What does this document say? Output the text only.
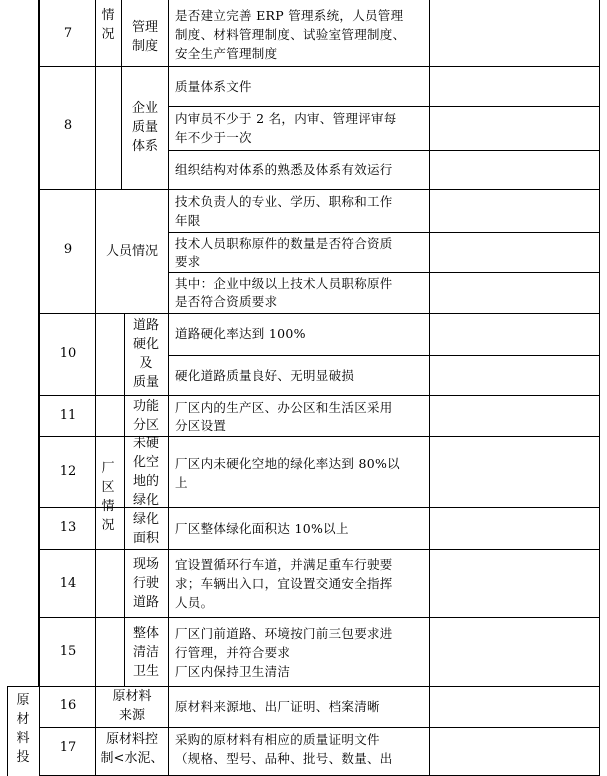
情
况
厂
区
情
况
原
材
料
投
7
8
9
10
11
12
13
14
15
16
17
管理
制度
企业
质量
体系
人员情况
道路
硬化
及
质量
功能
分区
未硬
化空
地的
绿化
绿化
面积
现场
行驶
道路
整体
清洁
卫生
原材料
来源
原材料控
制<水泥、
是否建立完善 ERP 管理系统，人员管理
制度、材料管理制度、试验室管理制度、
安全生产管理制度
质量体系文件
内审员不少于 2 名，内审、管理评审每
年不少于一次
组织结构对体系的熟悉及体系有效运行
技术负责人的专业、学历、职称和工作
年限
技术人员职称原件的数量是否符合资质
要求
其中：企业中级以上技术人员职称原件
是否符合资质要求
道路硬化率达到 100%
硬化道路质量良好、无明显破损
厂区内的生产区、办公区和生活区采用
分区设置
厂区内未硬化空地的绿化率达到 80%以
上
厂区整体绿化面积达 10%以上
宜设置循环行车道，并满足重车行驶要
求；车辆出入口，宜设置交通安全指挥
人员。
厂区门前道路、环境按门前三包要求进
行管理，并符合要求
厂区内保持卫生清洁
原材料来源地、出厂证明、档案清晰
采购的原材料有相应的质量证明文件
（规格、型号、品种、批号、数量、出
